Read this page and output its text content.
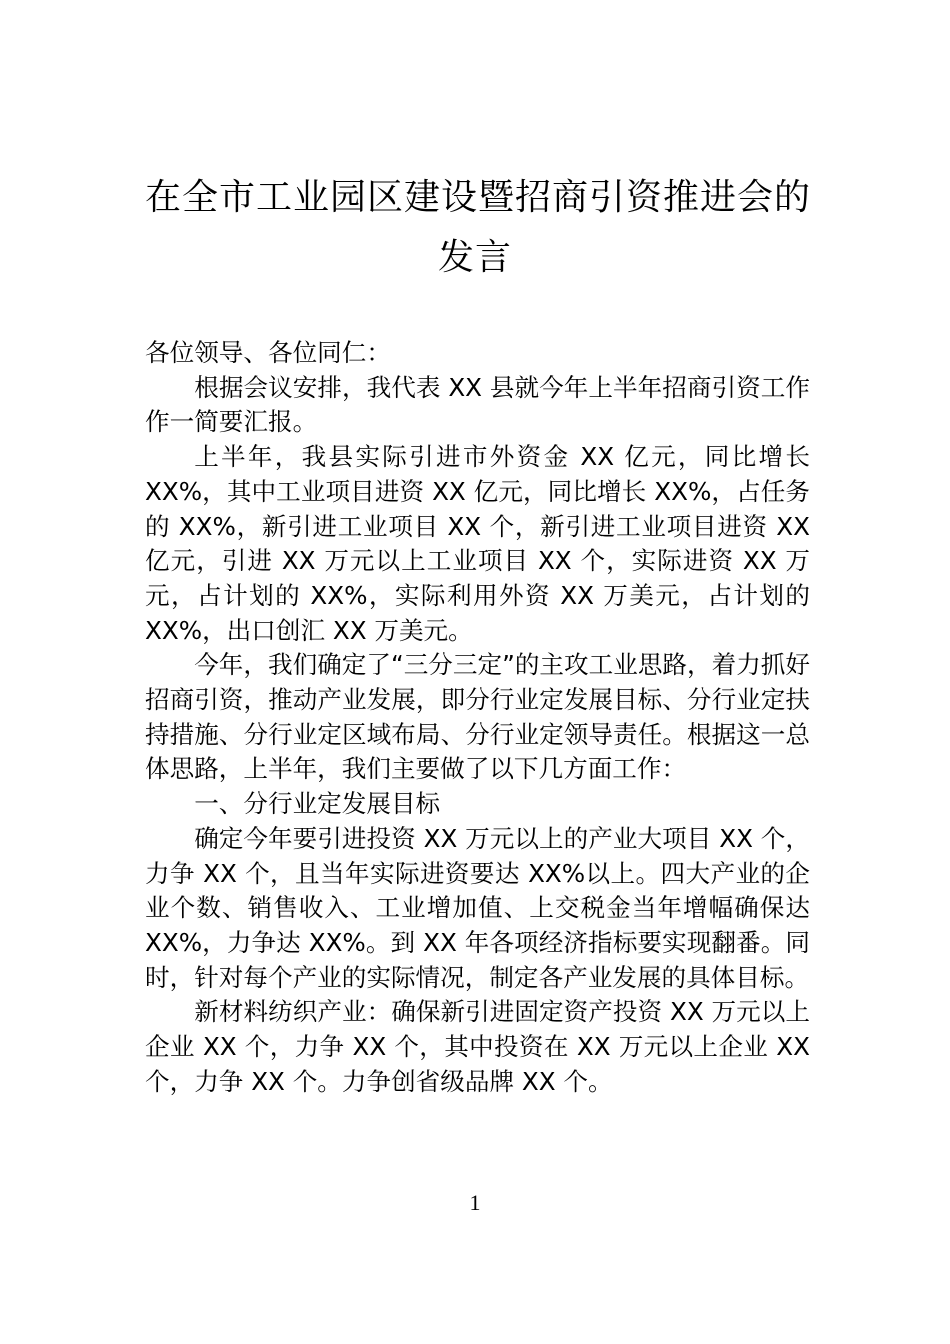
在全市工业园区建设暨招商引资推进会的
发言

各位领导、各位同仁：

根据会议安排，我代表 XX 县就今年上半年招商引资工作作一简要汇报。

上半年，我县实际引进市外资金 XX 亿元，同比增长 XX%，其中工业项目进资 XX 亿元，同比增长 XX%，占任务的 XX%，新引进工业项目 XX 个，新引进工业项目进资 XX 亿元，引进 XX 万元以上工业项目 XX 个，实际进资 XX 万元，占计划的 XX%，实际利用外资 XX 万美元，占计划的 XX%，出口创汇 XX 万美元。

今年，我们确定了“三分三定”的主攻工业思路，着力抓好招商引资，推动产业发展，即分行业定发展目标、分行业定扶持措施、分行业定区域布局、分行业定领导责任。根据这一总体思路，上半年，我们主要做了以下几方面工作：

一、分行业定发展目标

确定今年要引进投资 XX 万元以上的产业大项目 XX 个，力争 XX 个，且当年实际进资要达 XX%以上。四大产业的企业个数、销售收入、工业增加值、上交税金当年增幅确保达 XX%，力争达 XX%。到 XX 年各项经济指标要实现翻番。同时，针对每个产业的实际情况，制定各产业发展的具体目标。

新材料纺织产业：确保新引进固定资产投资 XX 万元以上企业 XX 个，力争 XX 个，其中投资在 XX 万元以上企业 XX 个，力争 XX 个。力争创省级品牌 XX 个。

1
